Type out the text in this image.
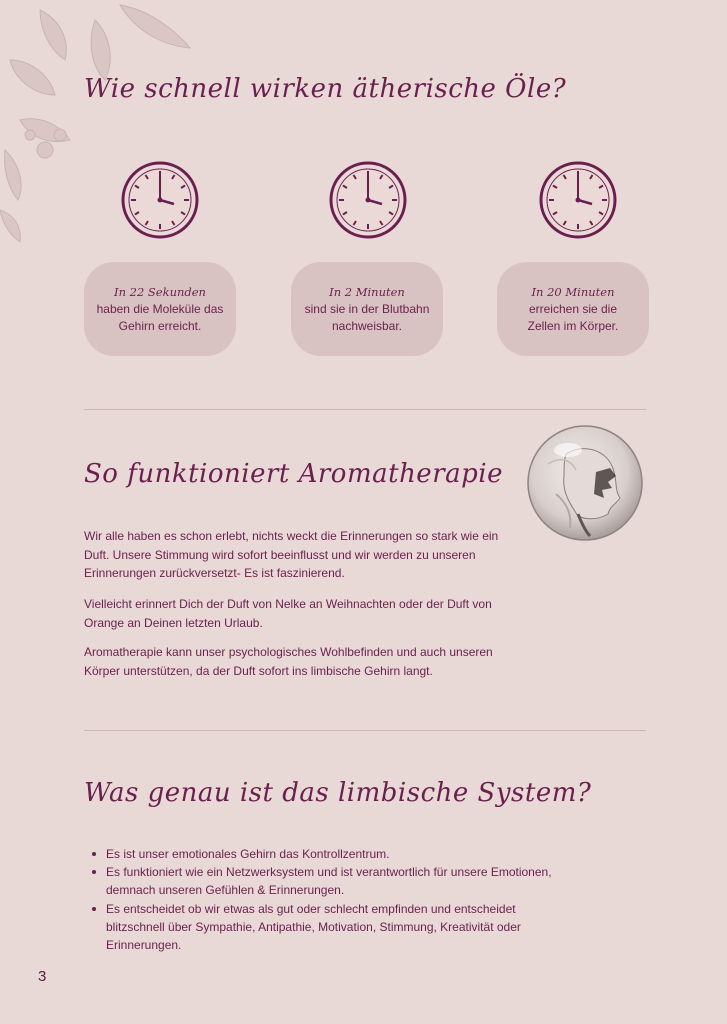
Wie schnell wirken ätherische Öle?
In 22 Sekunden
haben die Moleküle das
Gehirn erreicht.
In 2 Minuten
sind sie in der Blutbahn
nachweisbar.
In 20 Minuten
erreichen sie die
Zellen im Körper.
So funktioniert Aromatherapie

Wir alle haben es schon erlebt, nichts weckt die Erinnerungen so stark wie ein Duft. Unsere Stimmung wird sofort beeinflusst und wir werden zu unseren Erinnerungen zurückversetzt- Es ist faszinierend.

Vielleicht erinnert Dich der Duft von Nelke an Weihnachten oder der Duft von Orange an Deinen letzten Urlaub.

Aromatherapie kann unser psychologisches Wohlbefinden und auch unseren Körper unterstützen, da der Duft sofort ins limbische Gehirn langt.

Was genau ist das limbische System?
Es ist unser emotionales Gehirn das Kontrollzentrum.
Es funktioniert wie ein Netzwerksystem und ist verantwortlich für unsere Emotionen, demnach unseren Gefühlen & Erinnerungen.
Es entscheidet ob wir etwas als gut oder schlecht empfinden und entscheidet blitzschnell über Sympathie, Antipathie, Motivation, Stimmung, Kreativität oder Erinnerungen.
3
